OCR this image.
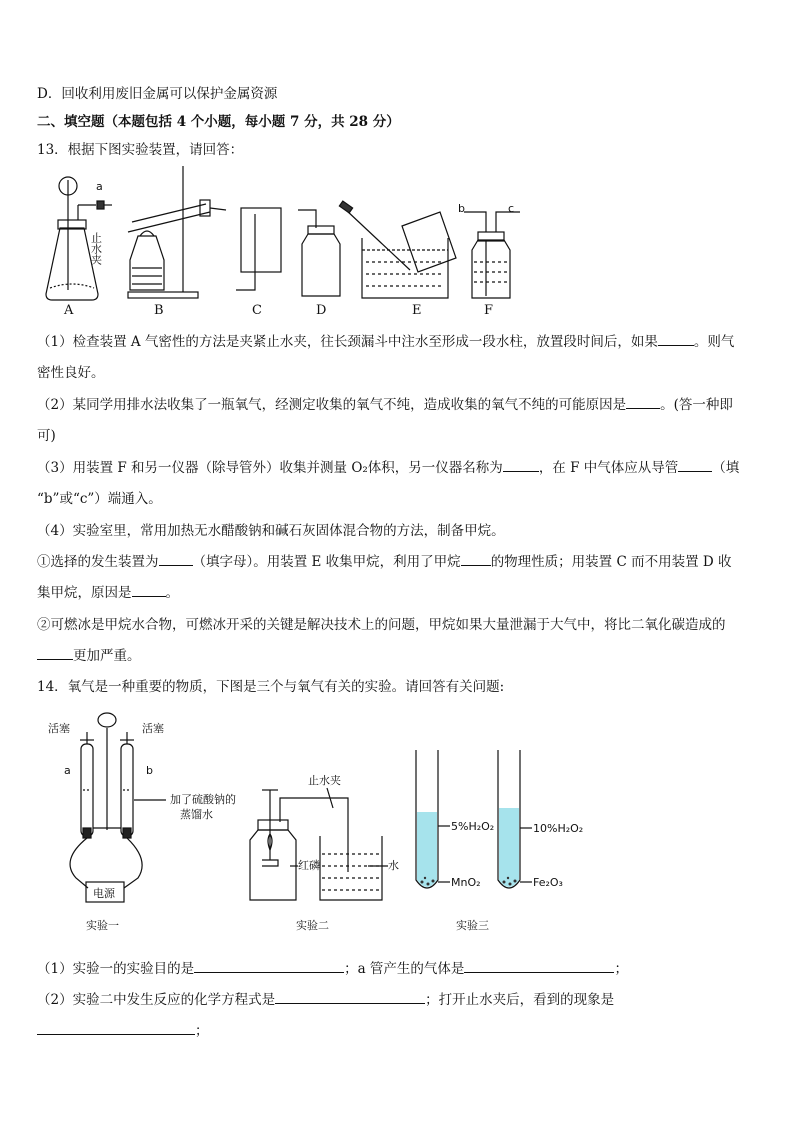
D．回收利用废旧金属可以保护金属资源
二、填空题（本题包括 4 个小题，每小题 7 分，共 28 分）
13．根据下图实验装置，请回答：
a
止水夹
b	c
A	B	C	D	E	F
（1）检查装置 A 气密性的方法是夹紧止水夹，往长颈漏斗中注水至形成一段水柱，放置段时间后，如果	。则气
密性良好。
（2）某同学用排水法收集了一瓶氧气，经测定收集的氧气不纯，造成收集的氧气不纯的可能原因是	。(答一种即
可)
（3）用装置 F 和另一仪器（除导管外）收集并测量 O₂体积，另一仪器名称为	，在 F 中气体应从导管	（填
“b”或“c”）端通入。
（4）实验室里，常用加热无水醋酸钠和碱石灰固体混合物的方法，制备甲烷。
①选择的发生装置为	（填字母）。用装置 E 收集甲烷，利用了甲烷 的物理性质；用装置 C 而不用装置 D 收
集甲烷，原因是	。
②可燃冰是甲烷水合物，可燃冰开采的关键是解决技术上的问题，甲烷如果大量泄漏于大气中，将比二氧化碳造成的
更加严重。
14．氧气是一种重要的物质，下图是三个与氧气有关的实验。请回答有关问题:
活塞	活塞
a	b
加了硫酸钠的
蒸馏水
电源
止水夹
红磷	水
5%H₂O₂	10%H₂O₂
MnO₂	Fe₂O₃
实验一	实验二	实验三
（1）实验一的实验目的是	；a 管产生的气体是	；
（2）实验二中发生反应的化学方程式是	；打开止水夹后，看到的现象是
；
